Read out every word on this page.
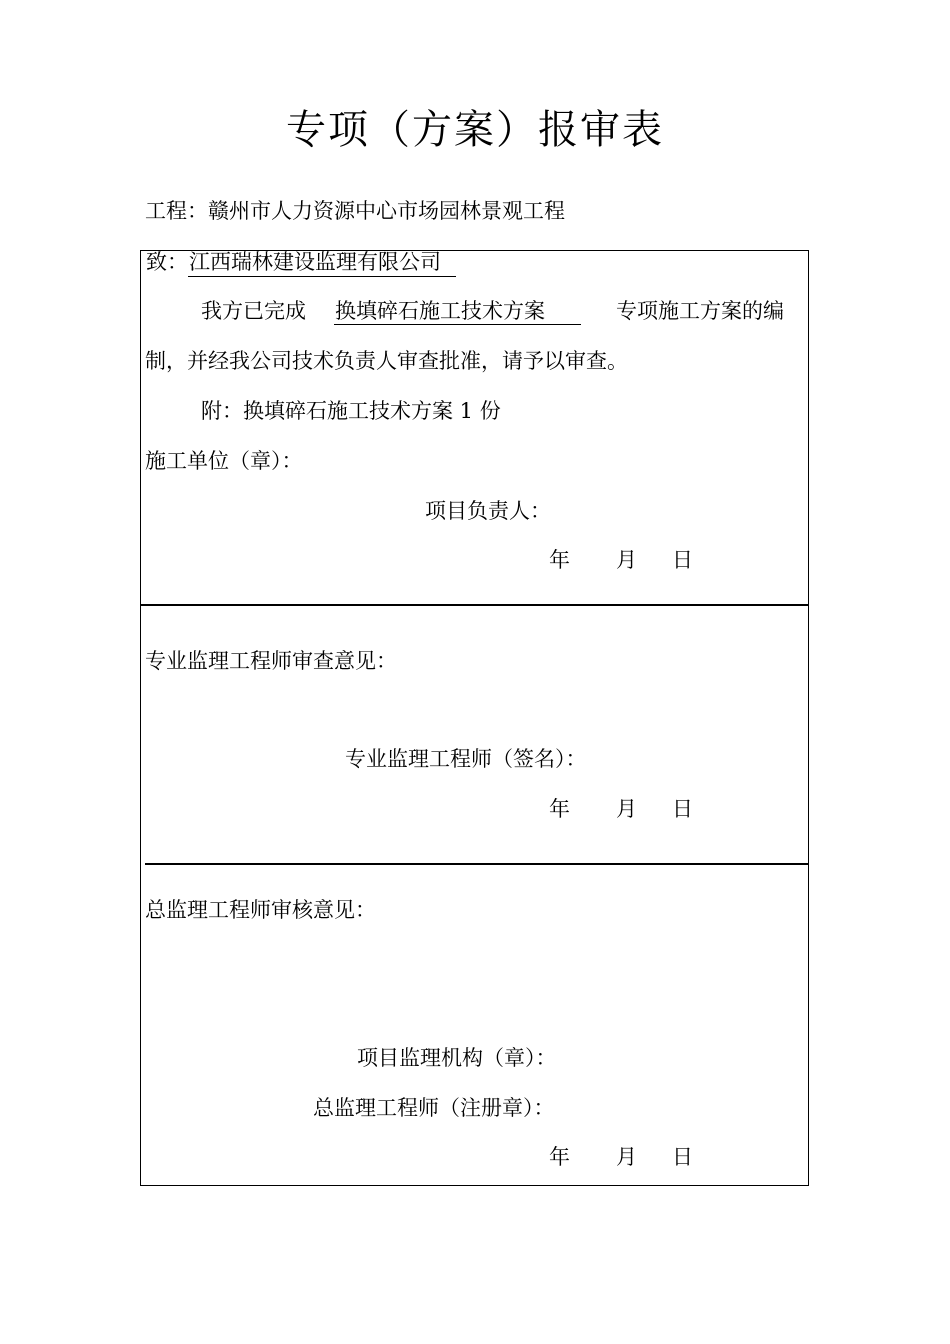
专项（方案）报审表
工程：赣州市人力资源中心市场园林景观工程
致： 江西瑞林建设监理有限公司
我方已完成 换填碎石施工技术方案	专项施工方案的编
制，并经我公司技术负责人审查批准，请予以审查。
附：换填碎石施工技术方案 1 份
施工单位（章）：
项目负责人：
年 月 日
专业监理工程师审查意见：
专业监理工程师（签名）：
年 月 日
总监理工程师审核意见：
项目监理机构（章）：
总监理工程师（注册章）：
年 月 日
